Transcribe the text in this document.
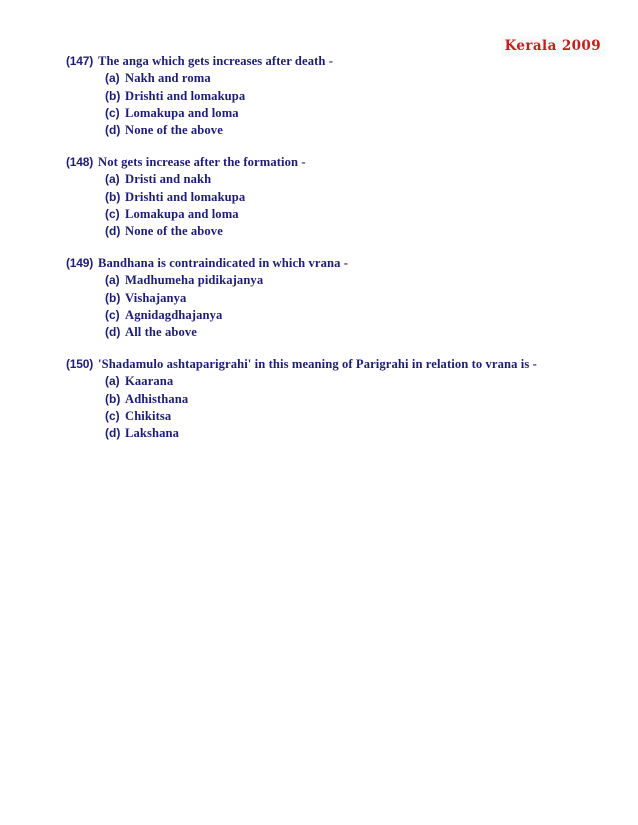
Kerala 2009
(147) The anga which gets increases after death -
(a) Nakh and roma
(b) Drishti and lomakupa
(c) Lomakupa and loma
(d) None of the above
(148) Not gets increase after the formation -
(a) Dristi and nakh
(b) Drishti and lomakupa
(c) Lomakupa and loma
(d) None of the above
(149) Bandhana is contraindicated in which vrana -
(a) Madhumeha pidikajanya
(b) Vishajanya
(c) Agnidagdhajanya
(d) All the above
(150) 'Shadamulo ashtaparigrahi' in this meaning of Parigrahi in relation to vrana is -
(a) Kaarana
(b) Adhisthana
(c) Chikitsa
(d) Lakshana
